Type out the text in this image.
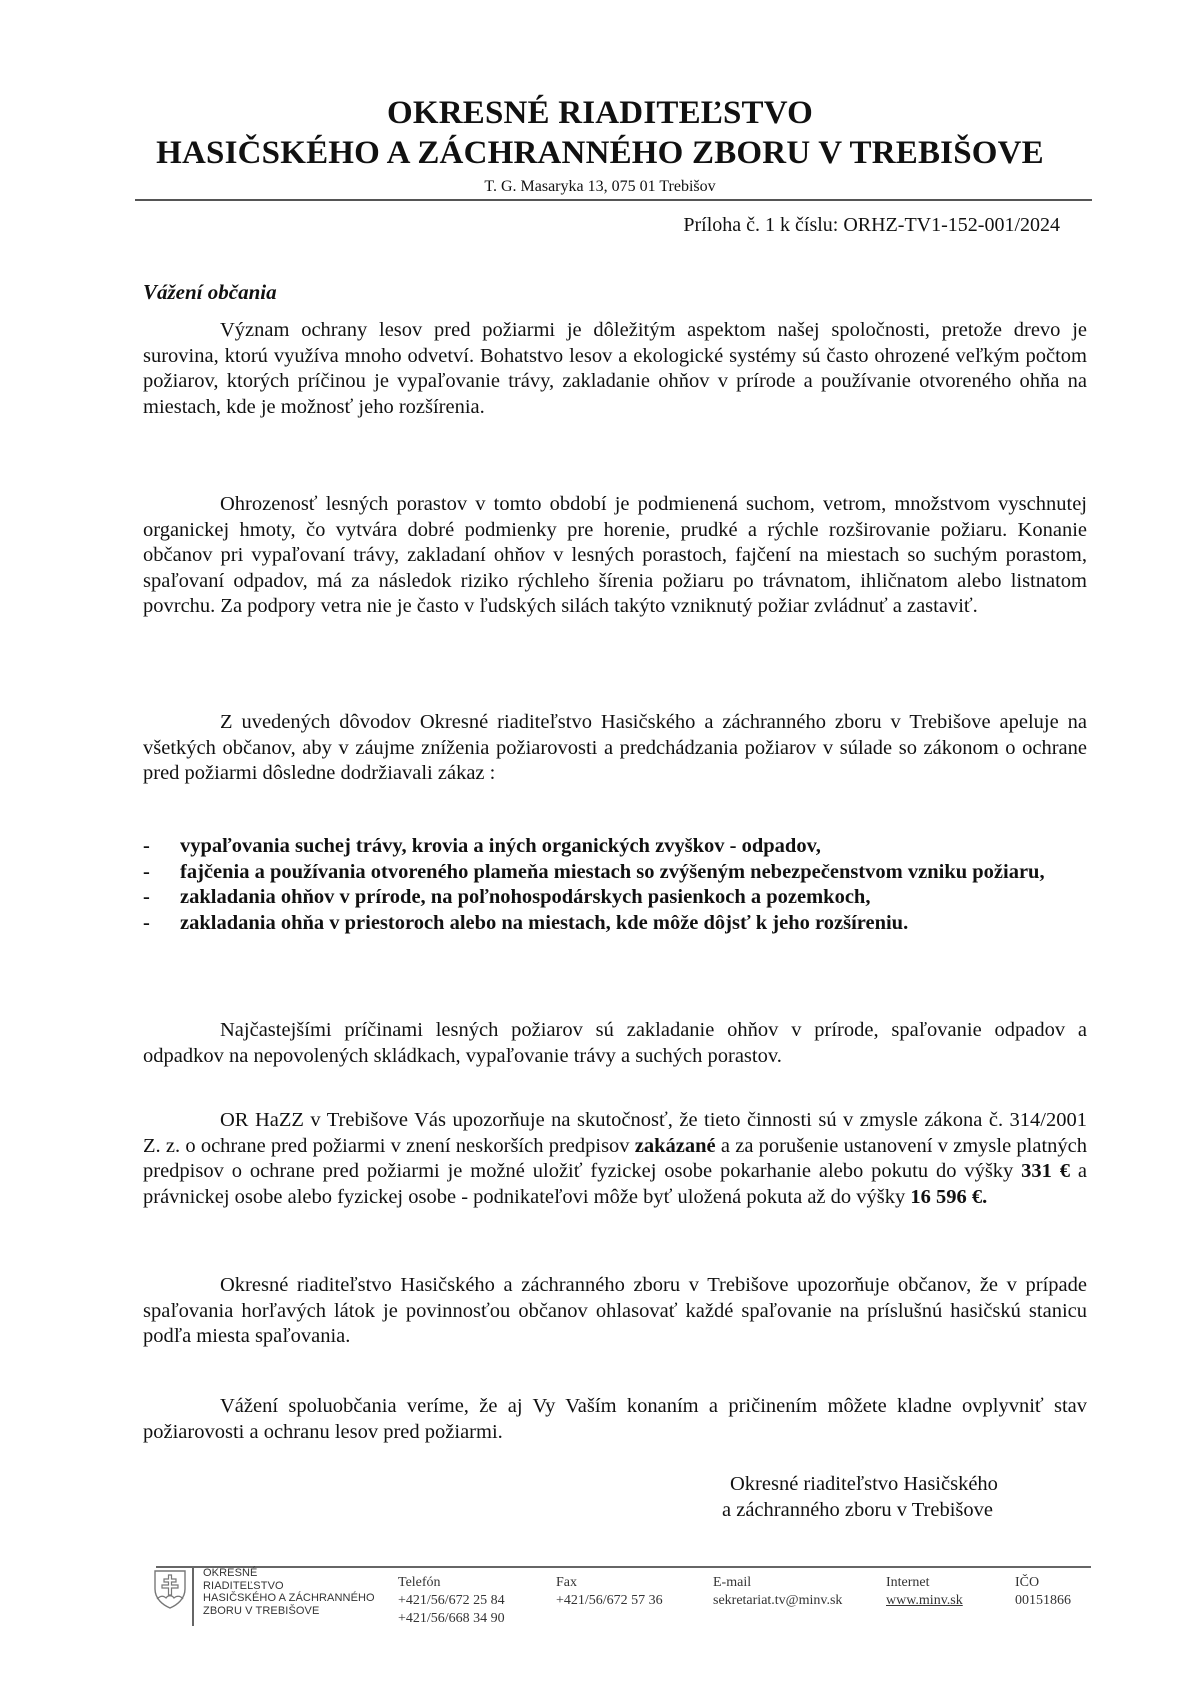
OKRESNÉ RIADITEĽSTVO
HASIČSKÉHO A ZÁCHRANNÉHO ZBORU V TREBIŠOVE
T. G. Masaryka 13, 075 01 Trebišov
Príloha č. 1 k číslu: ORHZ-TV1-152-001/2024
Vážení občania

Význam ochrany lesov pred požiarmi je dôležitým aspektom našej spoločnosti, pretože drevo je surovina, ktorú využíva mnoho odvetví. Bohatstvo lesov a ekologické systémy sú často ohrozené veľkým počtom požiarov, ktorých príčinou je vypaľovanie trávy, zakladanie ohňov v prírode a používanie otvoreného ohňa na miestach, kde je možnosť jeho rozšírenia.

Ohrozenosť lesných porastov v tomto období je podmienená suchom, vetrom, množstvom vyschnutej organickej hmoty, čo vytvára dobré podmienky pre horenie, prudké a rýchle rozširovanie požiaru. Konanie občanov pri vypaľovaní trávy, zakladaní ohňov v lesných porastoch, fajčení na miestach so suchým porastom, spaľovaní odpadov, má za následok riziko rýchleho šírenia požiaru po trávnatom, ihličnatom alebo listnatom povrchu. Za podpory vetra nie je často v ľudských silách takýto vzniknutý požiar zvládnuť a zastaviť.

Z uvedených dôvodov Okresné riaditeľstvo Hasičského a záchranného zboru v Trebišove apeluje na všetkých občanov, aby v záujme zníženia požiarovosti a predchádzania požiarov v súlade so zákonom o ochrane pred požiarmi dôsledne dodržiavali zákaz :

- vypaľovania suchej trávy, krovia a iných organických zvyškov - odpadov,
- fajčenia a používania otvoreného plameňa miestach so zvýšeným nebezpečenstvom vzniku požiaru,
- zakladania ohňov v prírode, na poľnohospodárskych pasienkoch a pozemkoch,
- zakladania ohňa v priestoroch alebo na miestach, kde môže dôjsť k jeho rozšíreniu.

Najčastejšími príčinami lesných požiarov sú zakladanie ohňov v prírode, spaľovanie odpadov a odpadkov na nepovolených skládkach, vypaľovanie trávy a suchých porastov.

OR HaZZ v Trebišove Vás upozorňuje na skutočnosť, že tieto činnosti sú v zmysle zákona č. 314/2001 Z. z. o ochrane pred požiarmi v znení neskorších predpisov zakázané a za porušenie ustanovení v zmysle platných predpisov o ochrane pred požiarmi je možné uložiť fyzickej osobe pokarhanie alebo pokutu do výšky 331 € a právnickej osobe alebo fyzickej osobe - podnikateľovi môže byť uložená pokuta až do výšky 16 596 €.

Okresné riaditeľstvo Hasičského a záchranného zboru v Trebišove upozorňuje občanov, že v prípade spaľovania horľavých látok je povinnosťou občanov ohlasovať každé spaľovanie na príslušnú hasičskú stanicu podľa miesta spaľovania.

Vážení spoluobčania veríme, že aj Vy Vaším konaním a pričinením môžete kladne ovplyvniť stav požiarovosti a ochranu lesov pred požiarmi.

Okresné riaditeľstvo Hasičského
a záchranného zboru v Trebišove
OKRESNÉ
RIADITEĽSTVO
HASIČSKÉHO A ZÁCHRANNÉHO
ZBORU V TREBIŠOVE
Telefón
+421/56/672 25 84
+421/56/668 34 90
Fax
+421/56/672 57 36
E-mail
sekretariat.tv@minv.sk
Internet
www.minv.sk
IČO
00151866
